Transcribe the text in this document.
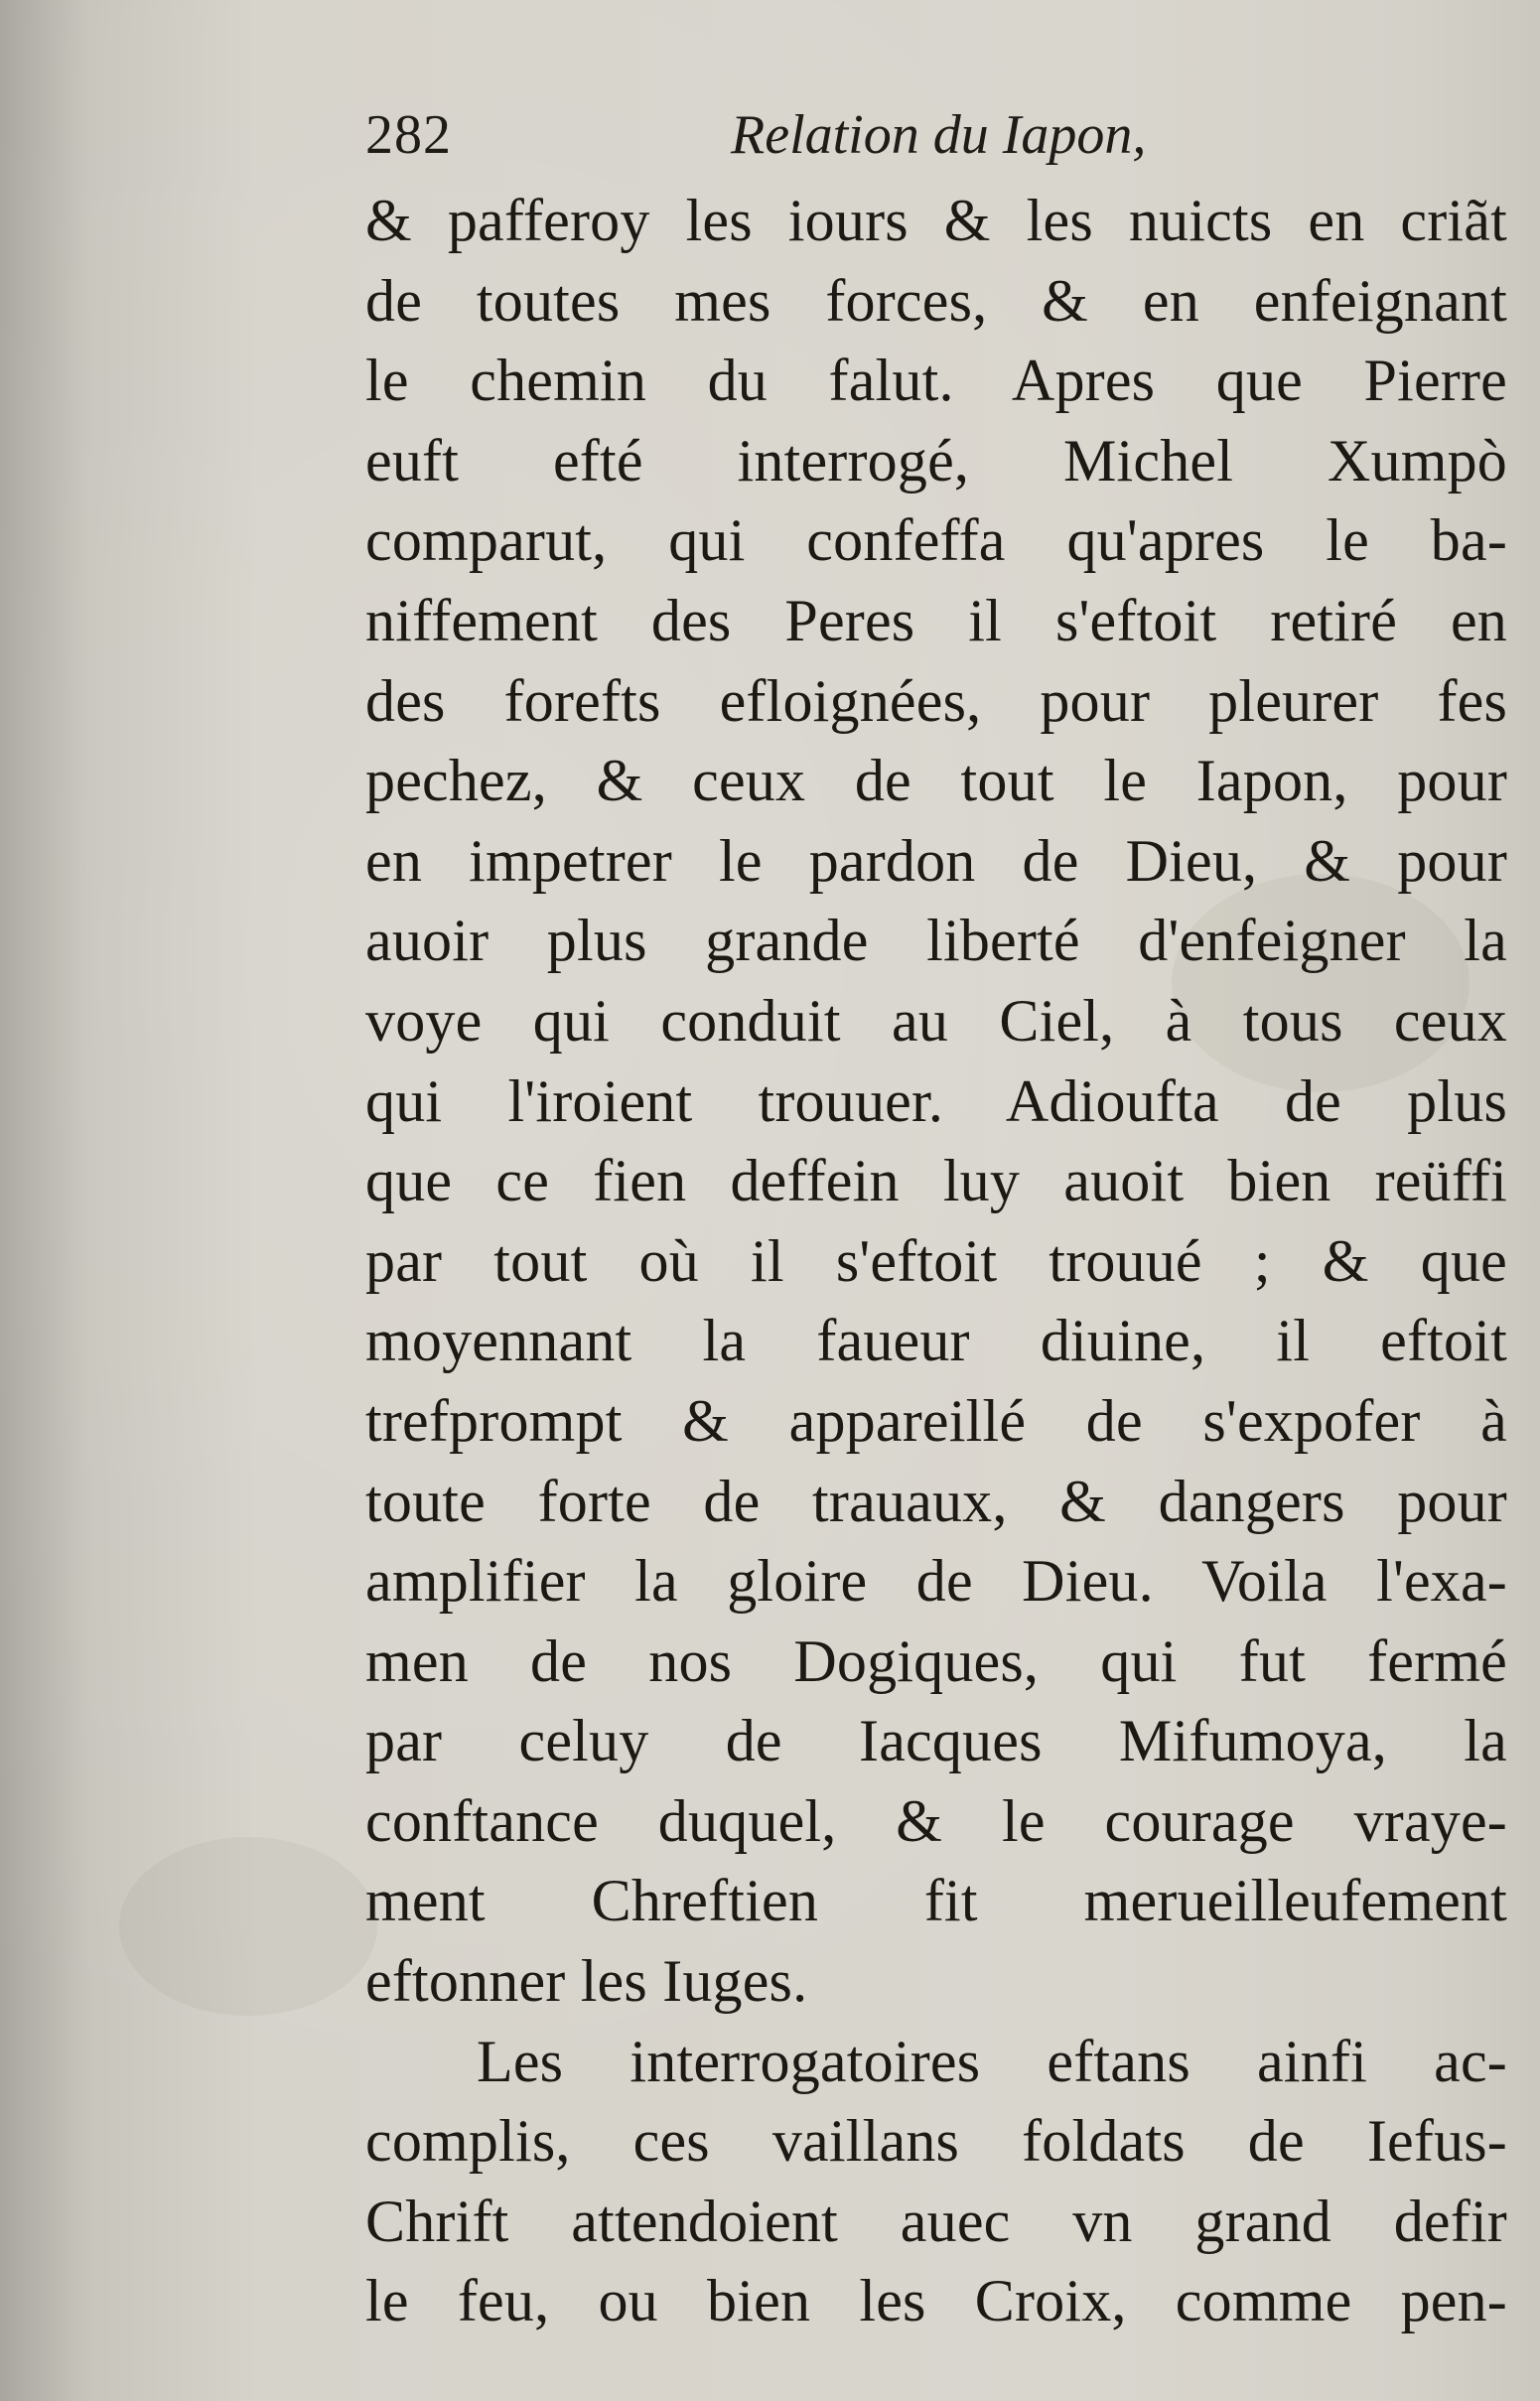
282	Relation du Iapon,
& pafferoy les iours & les nuicts en criãt
de toutes mes forces, & en enfeignant
le chemin du falut. Apres que Pierre
euft efté interrogé, Michel Xumpò
comparut, qui confeffa qu'apres le ba-
niffement des Peres il s'eftoit retiré en
des forefts efloignées, pour pleurer fes
pechez, & ceux de tout le Iapon, pour
en impetrer le pardon de Dieu, & pour
auoir plus grande liberté d'enfeigner la
voye qui conduit au Ciel, à tous ceux
qui l'iroient trouuer. Adioufta de plus
que ce fien deffein luy auoit bien reüffi
par tout où il s'eftoit trouué ; & que
moyennant la faueur diuine, il eftoit
trefprompt & appareillé de s'expofer à
toute forte de trauaux, & dangers pour
amplifier la gloire de Dieu. Voila l'exa-
men de nos Dogiques, qui fut fermé
par celuy de Iacques Mifumoya, la
conftance duquel, & le courage vraye-
ment Chreftien fit merueilleufement
eftonner les Iuges.
Les interrogatoires eftans ainfi ac-
complis, ces vaillans foldats de Iefus-
Chrift attendoient auec vn grand defir
le feu, ou bien les Croix, comme pen-
